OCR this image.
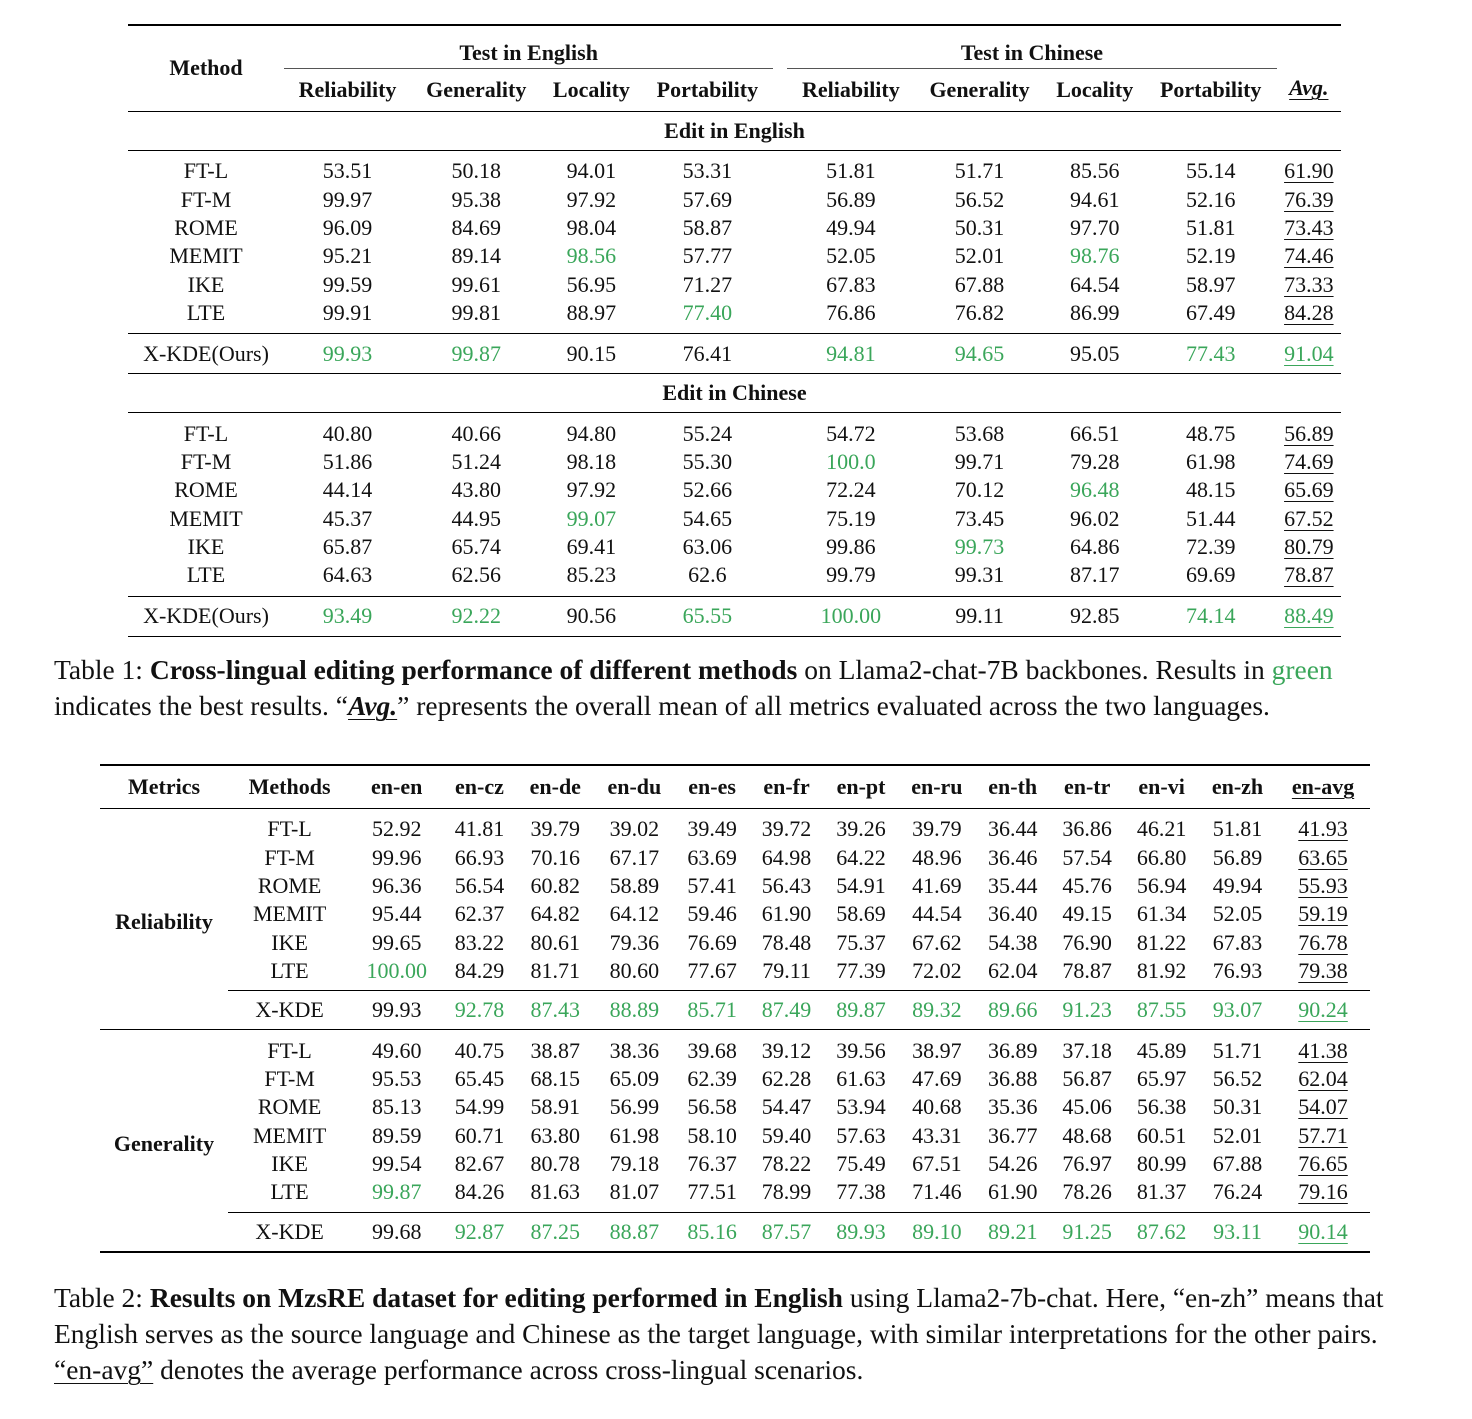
Method	Test in English					Test in Chinese				Avg.
	Reliability	Generality	Locality	Portability		Reliability	Generality	Locality	Portability	
Edit in English										
FT-L	53.51	50.18	94.01	53.31		51.81	51.71	85.56	55.14	61.90
FT-M	99.97	95.38	97.92	57.69		56.89	56.52	94.61	52.16	76.39
ROME	96.09	84.69	98.04	58.87		49.94	50.31	97.70	51.81	73.43
MEMIT	95.21	89.14	98.56	57.77		52.05	52.01	98.76	52.19	74.46
IKE	99.59	99.61	56.95	71.27		67.83	67.88	64.54	58.97	73.33
LTE	99.91	99.81	88.97	77.40		76.86	76.82	86.99	67.49	84.28
X-KDE(Ours)	99.93	99.87	90.15	76.41		94.81	94.65	95.05	77.43	91.04
Edit in Chinese										
FT-L	40.80	40.66	94.80	55.24		54.72	53.68	66.51	48.75	56.89
FT-M	51.86	51.24	98.18	55.30		100.0	99.71	79.28	61.98	74.69
ROME	44.14	43.80	97.92	52.66		72.24	70.12	96.48	48.15	65.69
MEMIT	45.37	44.95	99.07	54.65		75.19	73.45	96.02	51.44	67.52
IKE	65.87	65.74	69.41	63.06		99.86	99.73	64.86	72.39	80.79
LTE	64.63	62.56	85.23	62.6		99.79	99.31	87.17	69.69	78.87
X-KDE(Ours)	93.49	92.22	90.56	65.55		100.00	99.11	92.85	74.14	88.49
Table 1: Cross-lingual editing performance of different methods on Llama2-chat-7B backbones. Results in green indicates the best results. “Avg.” represents the overall mean of all metrics evaluated across the two languages.
Metrics	Methods	en-en	en-cz	en-de	en-du	en-es	en-fr	en-pt	en-ru	en-th	en-tr	en-vi	en-zh	en-avg
Reliability	FT-L	52.92	41.81	39.79	39.02	39.49	39.72	39.26	39.79	36.44	36.86	46.21	51.81	41.93
	FT-M	99.96	66.93	70.16	67.17	63.69	64.98	64.22	48.96	36.46	57.54	66.80	56.89	63.65
	ROME	96.36	56.54	60.82	58.89	57.41	56.43	54.91	41.69	35.44	45.76	56.94	49.94	55.93
	MEMIT	95.44	62.37	64.82	64.12	59.46	61.90	58.69	44.54	36.40	49.15	61.34	52.05	59.19
	IKE	99.65	83.22	80.61	79.36	76.69	78.48	75.37	67.62	54.38	76.90	81.22	67.83	76.78
	LTE	100.00	84.29	81.71	80.60	77.67	79.11	77.39	72.02	62.04	78.87	81.92	76.93	79.38
	X-KDE	99.93	92.78	87.43	88.89	85.71	87.49	89.87	89.32	89.66	91.23	87.55	93.07	90.24
Generality	FT-L	49.60	40.75	38.87	38.36	39.68	39.12	39.56	38.97	36.89	37.18	45.89	51.71	41.38
	FT-M	95.53	65.45	68.15	65.09	62.39	62.28	61.63	47.69	36.88	56.87	65.97	56.52	62.04
	ROME	85.13	54.99	58.91	56.99	56.58	54.47	53.94	40.68	35.36	45.06	56.38	50.31	54.07
	MEMIT	89.59	60.71	63.80	61.98	58.10	59.40	57.63	43.31	36.77	48.68	60.51	52.01	57.71
	IKE	99.54	82.67	80.78	79.18	76.37	78.22	75.49	67.51	54.26	76.97	80.99	67.88	76.65
	LTE	99.87	84.26	81.63	81.07	77.51	78.99	77.38	71.46	61.90	78.26	81.37	76.24	79.16
	X-KDE	99.68	92.87	87.25	88.87	85.16	87.57	89.93	89.10	89.21	91.25	87.62	93.11	90.14
Table 2: Results on MzsRE dataset for editing performed in English using Llama2-7b-chat. Here, “en-zh” means that English serves as the source language and Chinese as the target language, with similar interpretations for the other pairs. “en-avg” denotes the average performance across cross-lingual scenarios.
